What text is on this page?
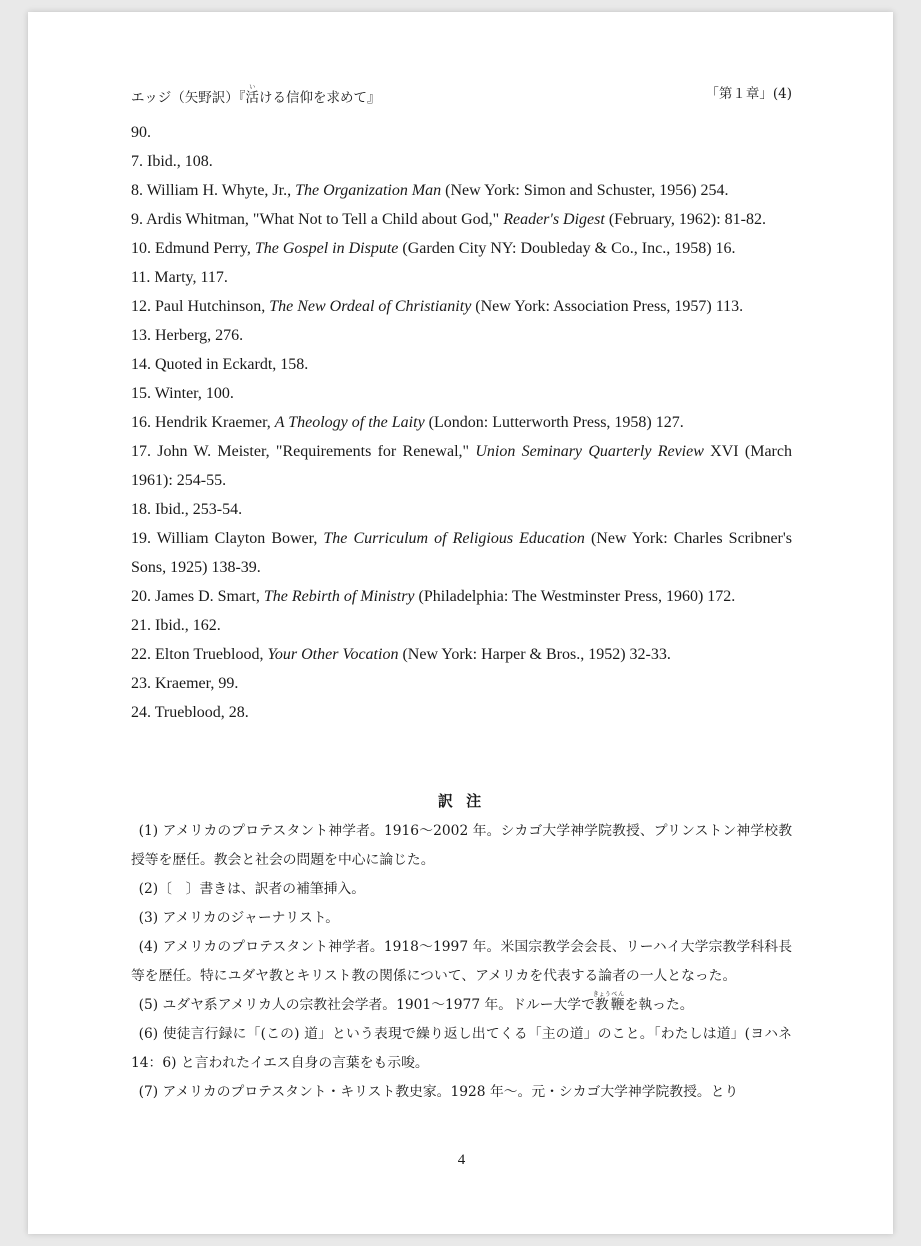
エッジ（矢野訳）『活いける信仰を求めて』	「第１章」(4)

90.

7. Ibid., 108.

8. William H. Whyte, Jr., The Organization Man (New York: Simon and Schuster, 1956) 254.

9. Ardis Whitman, "What Not to Tell a Child about God," Reader's Digest (February, 1962): 81-82.

10. Edmund Perry, The Gospel in Dispute (Garden City NY: Doubleday & Co., Inc., 1958) 16.

11. Marty, 117.

12. Paul Hutchinson, The New Ordeal of Christianity (New York: Association Press, 1957) 113.

13. Herberg, 276.

14. Quoted in Eckardt, 158.

15. Winter, 100.

16. Hendrik Kraemer, A Theology of the Laity (London: Lutterworth Press, 1958) 127.

17. John W. Meister, "Requirements for Renewal," Union Seminary Quarterly Review XVI (March 1961): 254-55.

18. Ibid., 253-54.

19. William Clayton Bower, The Curriculum of Religious Education (New York: Charles Scribner's Sons, 1925) 138-39.

20. James D. Smart, The Rebirth of Ministry (Philadelphia: The Westminster Press, 1960) 172.

21. Ibid., 162.

22. Elton Trueblood, Your Other Vocation (New York: Harper & Bros., 1952) 32-33.

23. Kraemer, 99.

24. Trueblood, 28.

訳 注

(1) アメリカのプロテスタント神学者。1916～2002 年。シカゴ大学神学院教授、プリンストン神学校教授等を歴任。教会と社会の問題を中心に論じた。

(2)〔　〕書きは、訳者の補筆挿入。

(3) アメリカのジャーナリスト。

(4) アメリカのプロテスタント神学者。1918～1997 年。米国宗教学会会長、リーハイ大学宗教学科科長等を歴任。特にユダヤ教とキリスト教の関係について、アメリカを代表する論者の一人となった。

(5) ユダヤ系アメリカ人の宗教社会学者。1901～1977 年。ドルー大学で教きょう鞭べんを執った。

(6) 使徒言行録に「(この) 道」という表現で繰り返し出てくる「主の道」のこと。「わたしは道」(ヨハネ 14：6) と言われたイエス自身の言葉をも示唆。

(7) アメリカのプロテスタント・キリスト教史家。1928 年～。元・シカゴ大学神学院教授。とり

4
